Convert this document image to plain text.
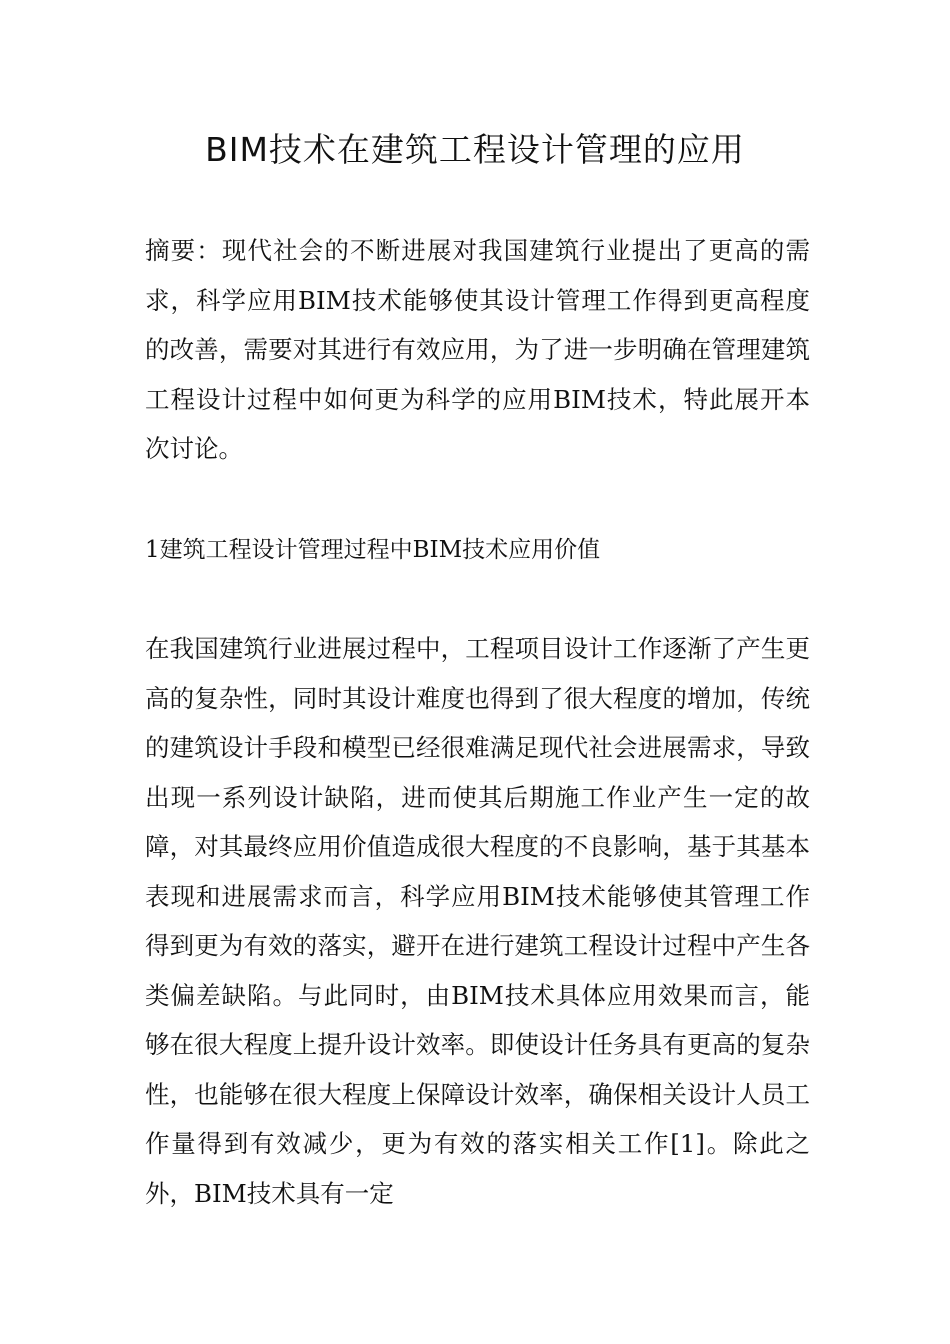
BIM技术在建筑工程设计管理的应用

摘要：现代社会的不断进展对我国建筑行业提出了更高的需求，科学应用BIM技术能够使其设计管理工作得到更高程度的改善，需要对其进行有效应用，为了进一步明确在管理建筑工程设计过程中如何更为科学的应用BIM技术，特此展开本次讨论。

1建筑工程设计管理过程中BIM技术应用价值

在我国建筑行业进展过程中，工程项目设计工作逐渐了产生更高的复杂性，同时其设计难度也得到了很大程度的增加，传统的建筑设计手段和模型已经很难满足现代社会进展需求，导致出现一系列设计缺陷，进而使其后期施工作业产生一定的故障，对其最终应用价值造成很大程度的不良影响，基于其基本表现和进展需求而言，科学应用BIM技术能够使其管理工作得到更为有效的落实，避开在进行建筑工程设计过程中产生各类偏差缺陷。与此同时，由BIM技术具体应用效果而言，能够在很大程度上提升设计效率。即使设计任务具有更高的复杂性，也能够在很大程度上保障设计效率，确保相关设计人员工作量得到有效减少，更为有效的落实相关工作[1]。除此之外，BIM技术具有一定
